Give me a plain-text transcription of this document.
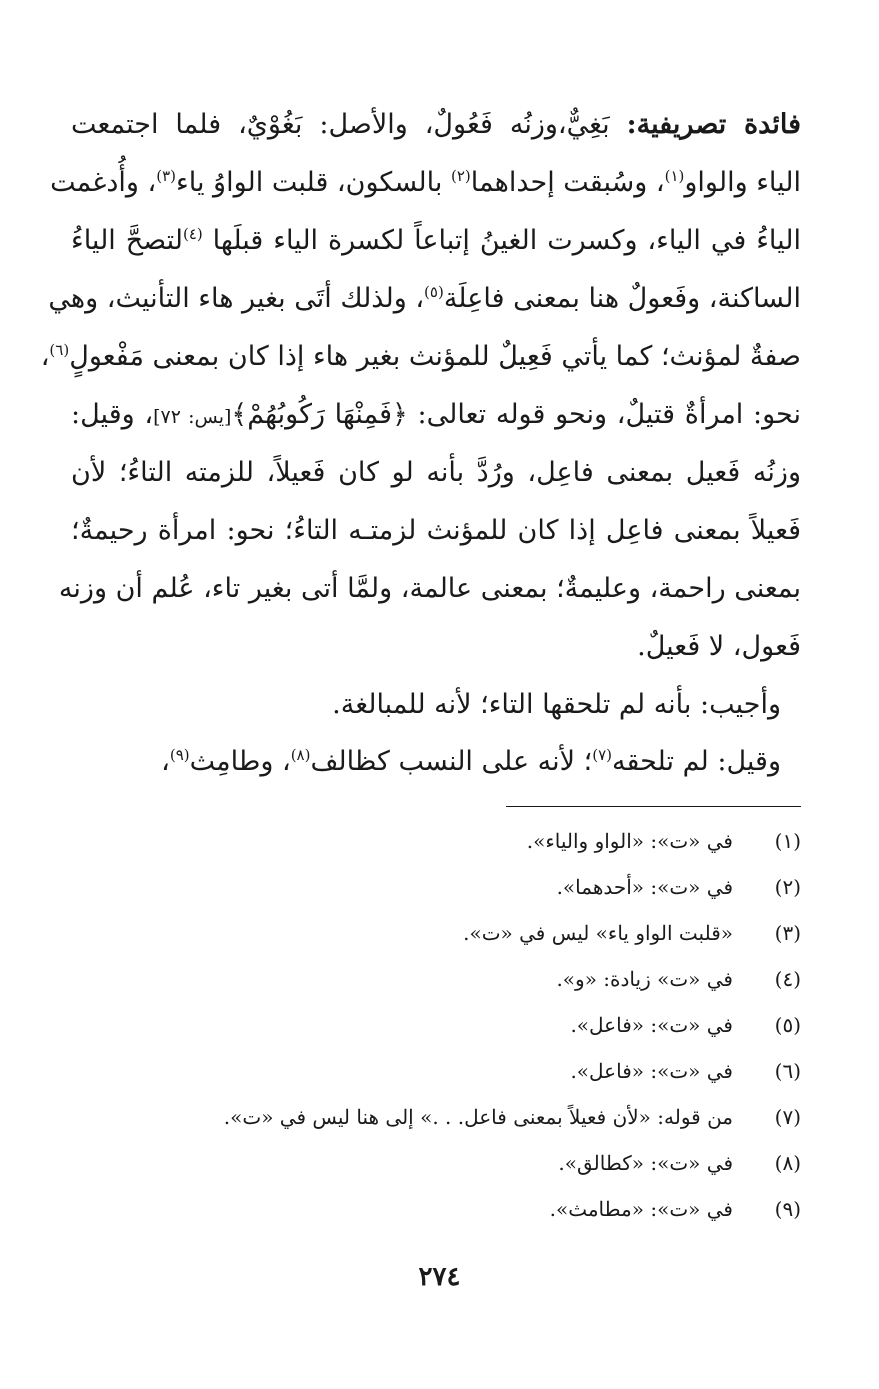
فائدة تصريفية: بَغِيٌّ،وزنُه فَعُولٌ، والأصل: بَغُوْيٌ، فلما اجتمعت
الياء والواو$^{(١)}$، وسُبقت إحداهما$^{(٢)}$ بالسكون، قلبت الواوُ ياء$^{(٣)}$، وأُدغمت
الياءُ في الياء، وكسرت الغينُ إتباعاً لكسرة الياء قبلَها $^{(٤)}$لتصحَّ الياءُ
الساكنة، وفَعولٌ هنا بمعنى فاعِلَة$^{(٥)}$، ولذلك أتَى بغير هاء التأنيث، وهي
صفةٌ لمؤنث؛ كما يأتي فَعِيلٌ للمؤنث بغير هاء إذا كان بمعنى مَفْعولٍ$^{(٦)}$،
نحو: امرأةٌ قتيلٌ، ونحو قوله تعالى: ﴿فَمِنْهَا رَكُوبُهُمْ﴾[يس: ٧٢]، وقيل:
وزنُه فَعيل بمعنى فاعِل، ورُدَّ بأنه لو كان فَعيلاً، للزمته التاءُ؛ لأن
فَعيلاً بمعنى فاعِل إذا كان للمؤنث لزمتـه التاءُ؛ نحو: امرأة رحيمةٌ؛
بمعنى راحمة، وعليمةٌ؛ بمعنى عالمة، ولمَّا أتى بغير تاء، عُلم أن وزنه
فَعول، لا فَعيلٌ.
وأجيب: بأنه لم تلحقها التاء؛ لأنه للمبالغة.
وقيل: لم تلحقه$^{(٧)}$؛ لأنه على النسب كظالف$^{(٨)}$، وطامِث$^{(٩)}$،
(١)
في «ت»: «الواو والياء».
(٢)
في «ت»: «أحدهما».
(٣)
«قلبت الواو ياء» ليس في «ت».
(٤)
في «ت» زيادة: «و».
(٥)
في «ت»: «فاعل».
(٦)
في «ت»: «فاعل».
(٧)
من قوله: «لأن فعيلاً بمعنى فاعل. . .» إلى هنا ليس في «ت».
(٨)
في «ت»: «كطالق».
(٩)
في «ت»: «مطامث».
٢٧٤
